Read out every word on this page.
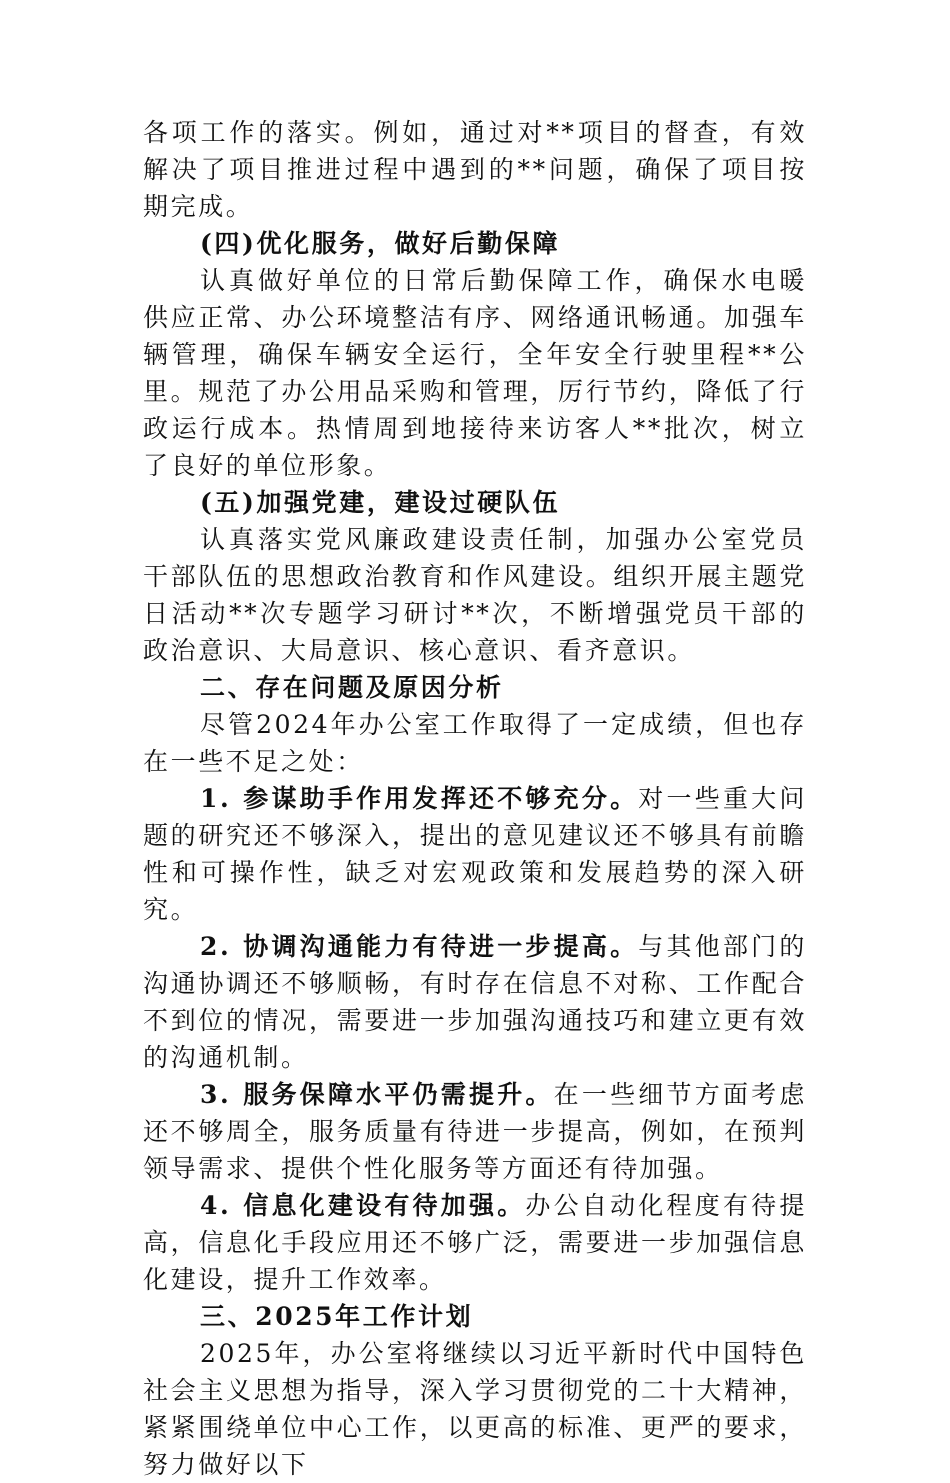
各项工作的落实。例如，通过对**项目的督查，有效解决了项目推进过程中遇到的**问题，确保了项目按期完成。

(四)优化服务，做好后勤保障

认真做好单位的日常后勤保障工作，确保水电暖供应正常、办公环境整洁有序、网络通讯畅通。加强车辆管理，确保车辆安全运行，全年安全行驶里程**公里。规范了办公用品采购和管理，厉行节约，降低了行政运行成本。热情周到地接待来访客人**批次，树立了良好的单位形象。

(五)加强党建，建设过硬队伍

认真落实党风廉政建设责任制，加强办公室党员干部队伍的思想政治教育和作风建设。组织开展主题党日活动**次专题学习研讨**次，不断增强党员干部的政治意识、大局意识、核心意识、看齐意识。

二、存在问题及原因分析

尽管2024年办公室工作取得了一定成绩，但也存在一些不足之处：

1. 参谋助手作用发挥还不够充分。对一些重大问题的研究还不够深入，提出的意见建议还不够具有前瞻性和可操作性，缺乏对宏观政策和发展趋势的深入研究。

2. 协调沟通能力有待进一步提高。与其他部门的沟通协调还不够顺畅，有时存在信息不对称、工作配合不到位的情况，需要进一步加强沟通技巧和建立更有效的沟通机制。

3. 服务保障水平仍需提升。在一些细节方面考虑还不够周全，服务质量有待进一步提高，例如，在预判领导需求、提供个性化服务等方面还有待加强。

4. 信息化建设有待加强。办公自动化程度有待提高，信息化手段应用还不够广泛，需要进一步加强信息化建设，提升工作效率。

三、2025年工作计划

2025年，办公室将继续以习近平新时代中国特色社会主义思想为指导，深入学习贯彻党的二十大精神，紧紧围绕单位中心工作，以更高的标准、更严的要求，努力做好以下
